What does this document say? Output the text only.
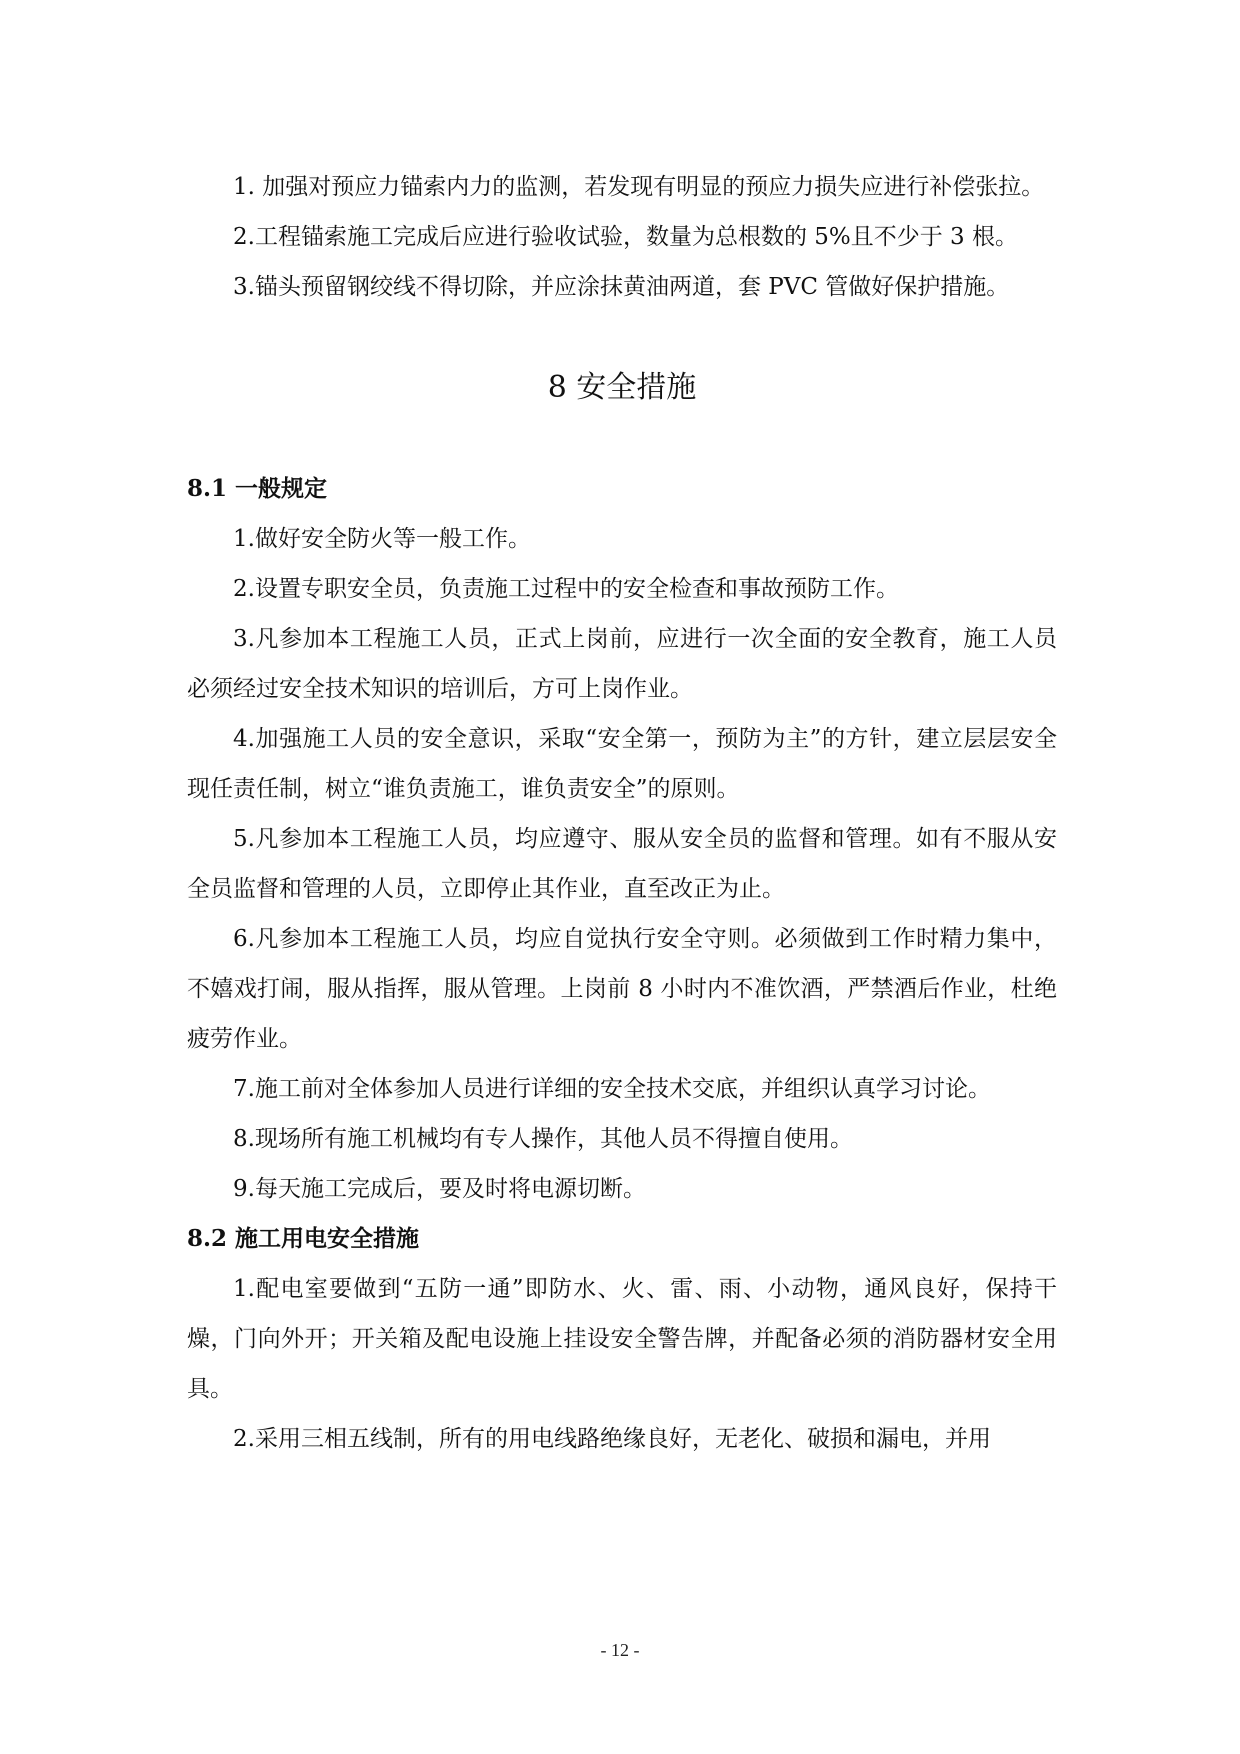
1. 加强对预应力锚索内力的监测，若发现有明显的预应力损失应进行补偿张拉。

2.工程锚索施工完成后应进行验收试验，数量为总根数的 5%且不少于 3 根。

3.锚头预留钢绞线不得切除，并应涂抹黄油两道，套 PVC 管做好保护措施。

8 安全措施

8.1 一般规定

1.做好安全防火等一般工作。

2.设置专职安全员，负责施工过程中的安全检查和事故预防工作。

3.凡参加本工程施工人员，正式上岗前，应进行一次全面的安全教育，施工人员必须经过安全技术知识的培训后，方可上岗作业。

4.加强施工人员的安全意识，采取“安全第一，预防为主”的方针，建立层层安全现任责任制，树立“谁负责施工，谁负责安全”的原则。

5.凡参加本工程施工人员，均应遵守、服从安全员的监督和管理。如有不服从安全员监督和管理的人员，立即停止其作业，直至改正为止。

6.凡参加本工程施工人员，均应自觉执行安全守则。必须做到工作时精力集中，不嬉戏打闹，服从指挥，服从管理。上岗前 8 小时内不准饮酒，严禁酒后作业，杜绝疲劳作业。

7.施工前对全体参加人员进行详细的安全技术交底，并组织认真学习讨论。

8.现场所有施工机械均有专人操作，其他人员不得擅自使用。

9.每天施工完成后，要及时将电源切断。

8.2 施工用电安全措施

1.配电室要做到“五防一通”即防水、火、雷、雨、小动物，通风良好，保持干燥，门向外开；开关箱及配电设施上挂设安全警告牌，并配备必须的消防器材安全用具。

2.采用三相五线制，所有的用电线路绝缘良好，无老化、破损和漏电，并用

- 12 -
